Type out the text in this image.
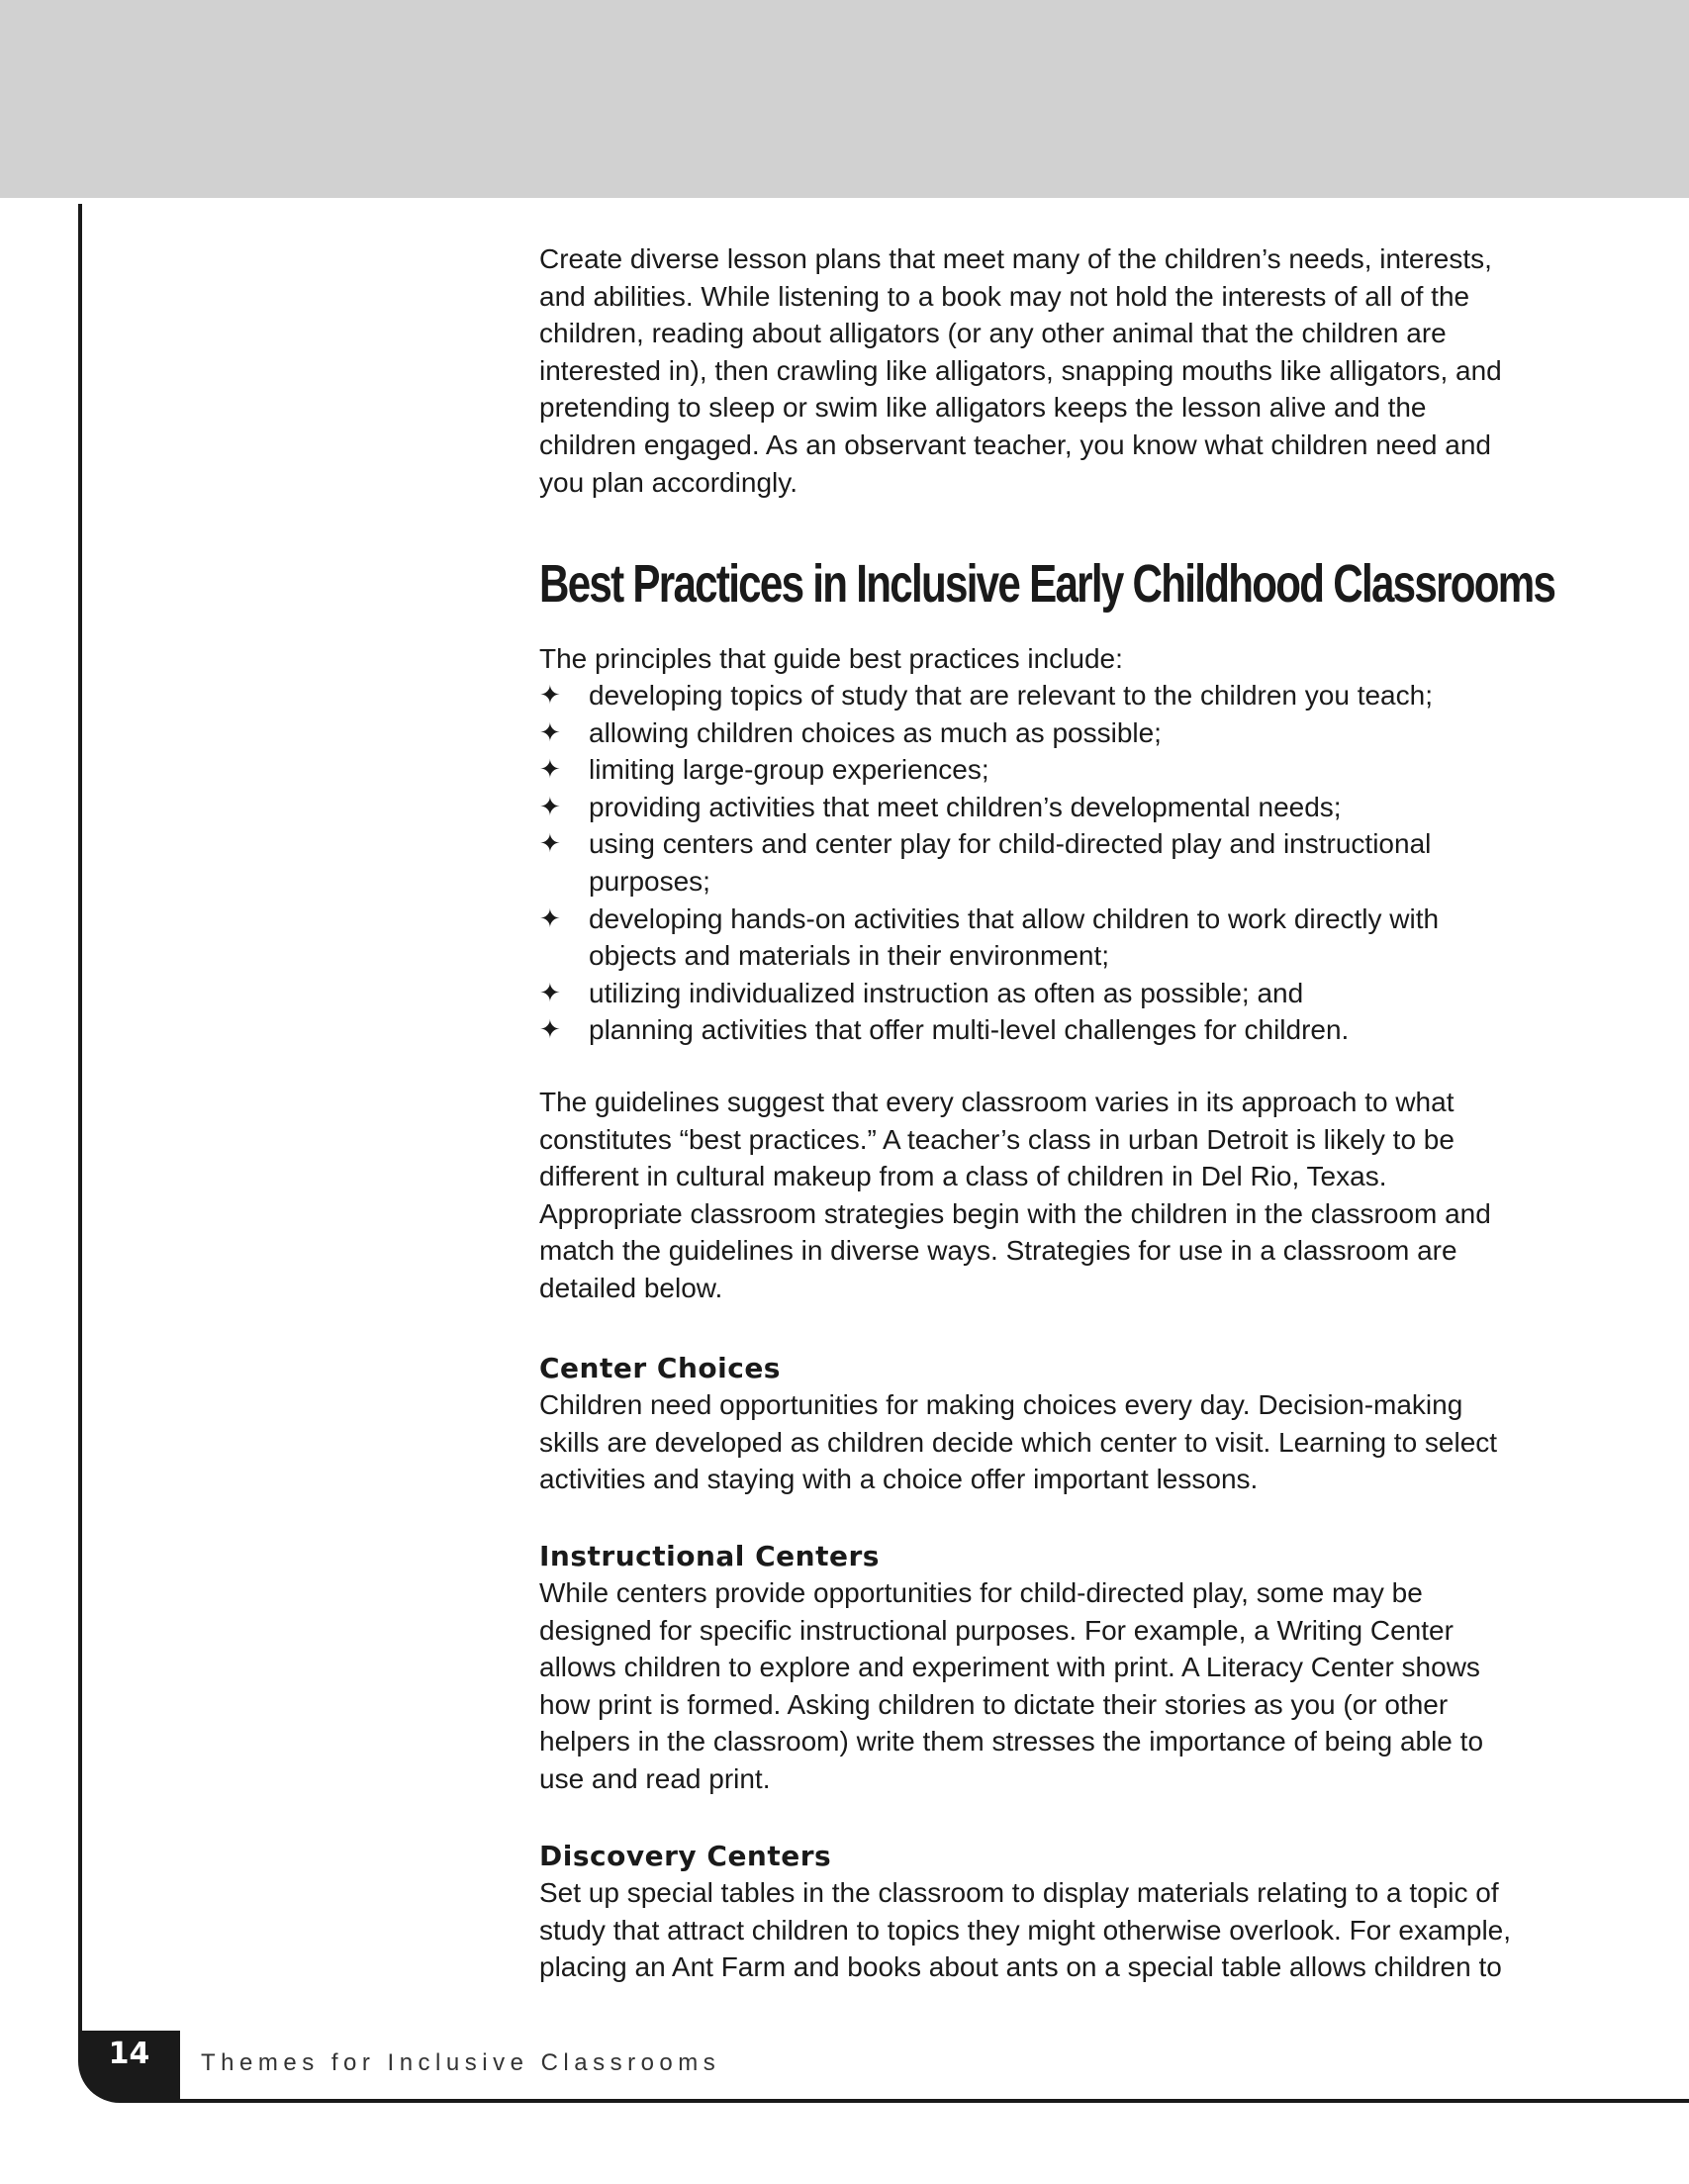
Create diverse lesson plans that meet many of the children’s needs, interests,
and abilities. While listening to a book may not hold the interests of all of the
children, reading about alligators (or any other animal that the children are
interested in), then crawling like alligators, snapping mouths like alligators, and
pretending to sleep or swim like alligators keeps the lesson alive and the
children engaged. As an observant teacher, you know what children need and
you plan accordingly.
Best Practices in Inclusive Early Childhood Classrooms
The principles that guide best practices include:
✦ developing topics of study that are relevant to the children you teach;
✦ allowing children choices as much as possible;
✦ limiting large-group experiences;
✦ providing activities that meet children’s developmental needs;
✦ using centers and center play for child-directed play and instructional
purposes;
✦ developing hands-on activities that allow children to work directly with
objects and materials in their environment;
✦ utilizing individualized instruction as often as possible; and
✦ planning activities that offer multi-level challenges for children.
The guidelines suggest that every classroom varies in its approach to what
constitutes “best practices.” A teacher’s class in urban Detroit is likely to be
different in cultural makeup from a class of children in Del Rio, Texas.
Appropriate classroom strategies begin with the children in the classroom and
match the guidelines in diverse ways. Strategies for use in a classroom are
detailed below.
Center Choices
Children need opportunities for making choices every day. Decision-making
skills are developed as children decide which center to visit. Learning to select
activities and staying with a choice offer important lessons.
Instructional Centers
While centers provide opportunities for child-directed play, some may be
designed for specific instructional purposes. For example, a Writing Center
allows children to explore and experiment with print. A Literacy Center shows
how print is formed. Asking children to dictate their stories as you (or other
helpers in the classroom) write them stresses the importance of being able to
use and read print.
Discovery Centers
Set up special tables in the classroom to display materials relating to a topic of
study that attract children to topics they might otherwise overlook. For example,
placing an Ant Farm and books about ants on a special table allows children to
14	Themes for Inclusive Classrooms
